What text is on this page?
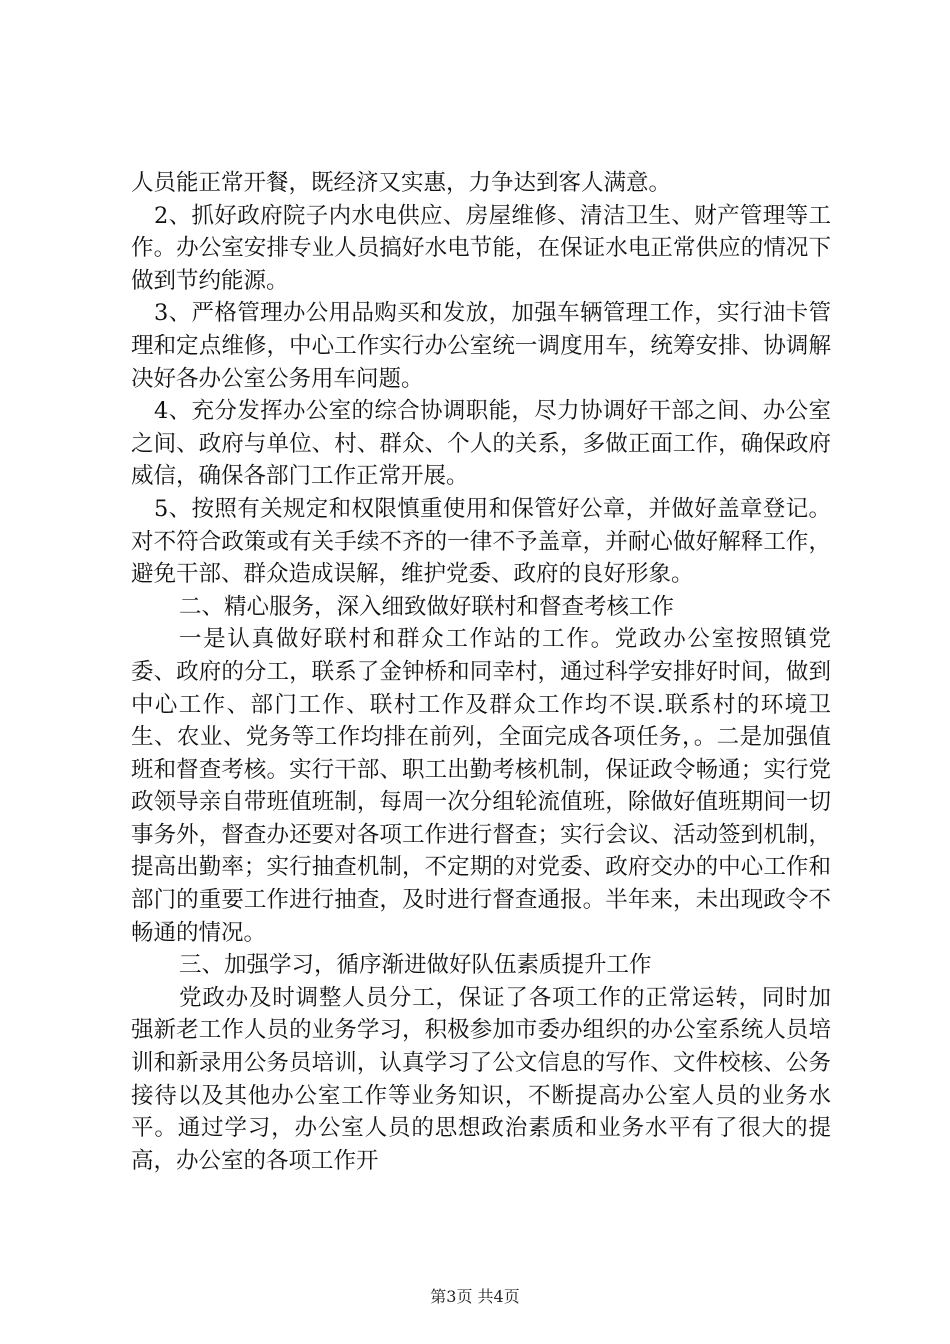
人员能正常开餐，既经济又实惠，力争达到客人满意。

2、抓好政府院子内水电供应、房屋维修、清洁卫生、财产管理等工作。办公室安排专业人员搞好水电节能，在保证水电正常供应的情况下做到节约能源。

3、严格管理办公用品购买和发放，加强车辆管理工作，实行油卡管理和定点维修，中心工作实行办公室统一调度用车，统筹安排、协调解决好各办公室公务用车问题。

4、充分发挥办公室的综合协调职能，尽力协调好干部之间、办公室之间、政府与单位、村、群众、个人的关系，多做正面工作，确保政府威信，确保各部门工作正常开展。

5、按照有关规定和权限慎重使用和保管好公章，并做好盖章登记。对不符合政策或有关手续不齐的一律不予盖章，并耐心做好解释工作，避免干部、群众造成误解，维护党委、政府的良好形象。

二、精心服务，深入细致做好联村和督查考核工作

一是认真做好联村和群众工作站的工作。党政办公室按照镇党委、政府的分工，联系了金钟桥和同幸村，通过科学安排好时间，做到中心工作、部门工作、联村工作及群众工作均不误.联系村的环境卫生、农业、党务等工作均排在前列，全面完成各项任务，。二是加强值班和督查考核。实行干部、职工出勤考核机制，保证政令畅通；实行党政领导亲自带班值班制，每周一次分组轮流值班，除做好值班期间一切事务外，督查办还要对各项工作进行督查；实行会议、活动签到机制，提高出勤率；实行抽查机制，不定期的对党委、政府交办的中心工作和部门的重要工作进行抽查，及时进行督查通报。半年来，未出现政令不畅通的情况。

三、加强学习，循序渐进做好队伍素质提升工作

党政办及时调整人员分工，保证了各项工作的正常运转，同时加强新老工作人员的业务学习，积极参加市委办组织的办公室系统人员培训和新录用公务员培训，认真学习了公文信息的写作、文件校核、公务接待以及其他办公室工作等业务知识，不断提高办公室人员的业务水平。通过学习，办公室人员的思想政治素质和业务水平有了很大的提高，办公室的各项工作开

第3页 共4页
